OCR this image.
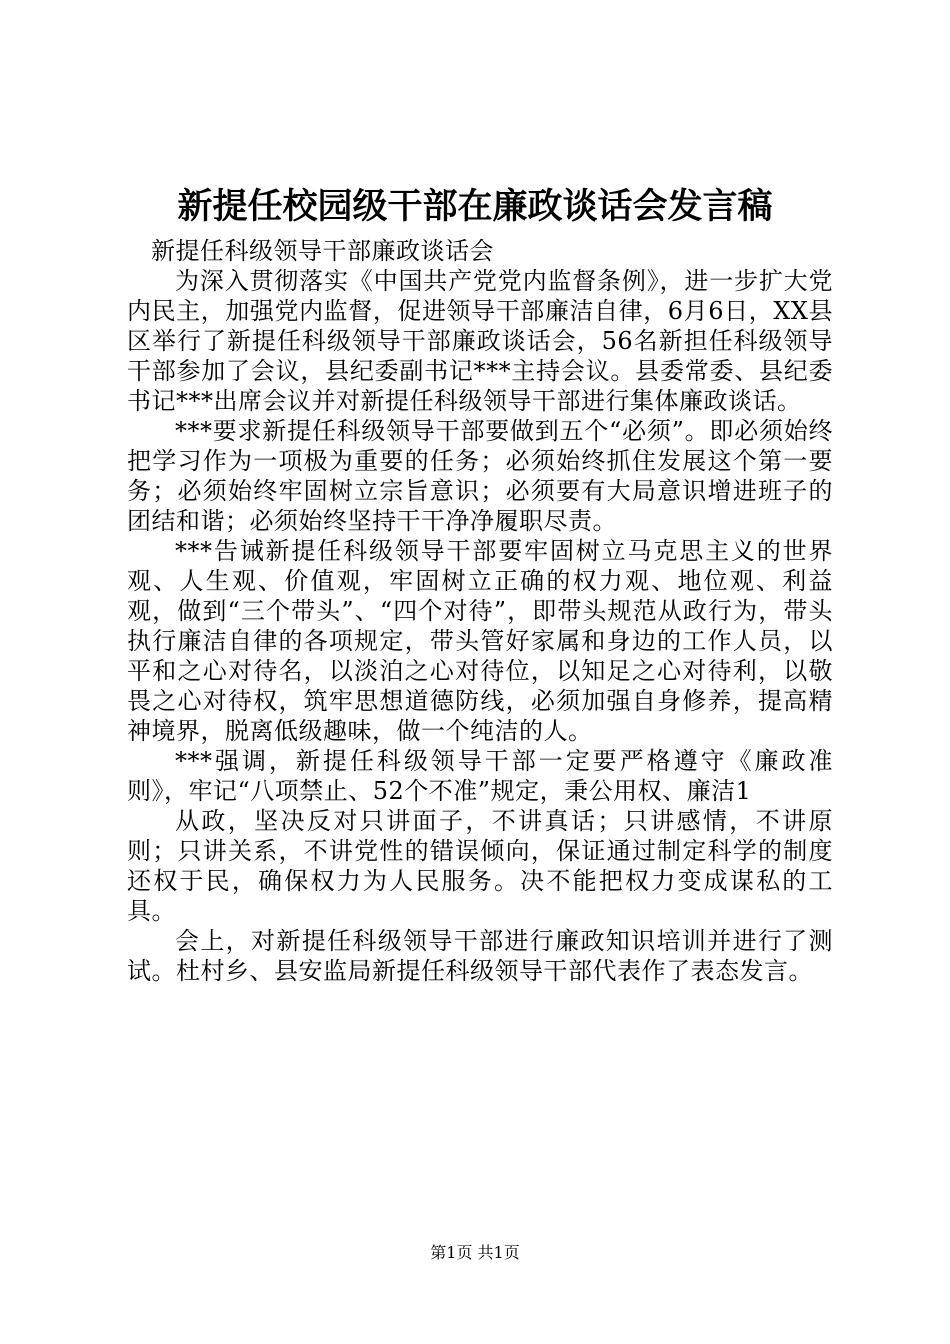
新提任校园级干部在廉政谈话会发言稿

新提任科级领导干部廉政谈话会

为深入贯彻落实《中国共产党党内监督条例》，进一步扩大党内民主，加强党内监督，促进领导干部廉洁自律，6月6日，XX县区举行了新提任科级领导干部廉政谈话会，56名新担任科级领导干部参加了会议，县纪委副书记***主持会议。县委常委、县纪委书记***出席会议并对新提任科级领导干部进行集体廉政谈话。

***要求新提任科级领导干部要做到五个“必须”。即必须始终把学习作为一项极为重要的任务；必须始终抓住发展这个第一要务；必须始终牢固树立宗旨意识；必须要有大局意识增进班子的团结和谐；必须始终坚持干干净净履职尽责。

***告诫新提任科级领导干部要牢固树立马克思主义的世界观、人生观、价值观，牢固树立正确的权力观、地位观、利益观，做到“三个带头”、“四个对待”，即带头规范从政行为，带头执行廉洁自律的各项规定，带头管好家属和身边的工作人员，以平和之心对待名，以淡泊之心对待位，以知足之心对待利，以敬畏之心对待权，筑牢思想道德防线，必须加强自身修养，提高精神境界，脱离低级趣味，做一个纯洁的人。

***强调，新提任科级领导干部一定要严格遵守《廉政准则》，牢记“八项禁止、52个不准”规定，秉公用权、廉洁1

从政，坚决反对只讲面子，不讲真话；只讲感情，不讲原则；只讲关系，不讲党性的错误倾向，保证通过制定科学的制度还权于民，确保权力为人民服务。决不能把权力变成谋私的工具。

会上，对新提任科级领导干部进行廉政知识培训并进行了测试。杜村乡、县安监局新提任科级领导干部代表作了表态发言。

第1页 共1页
